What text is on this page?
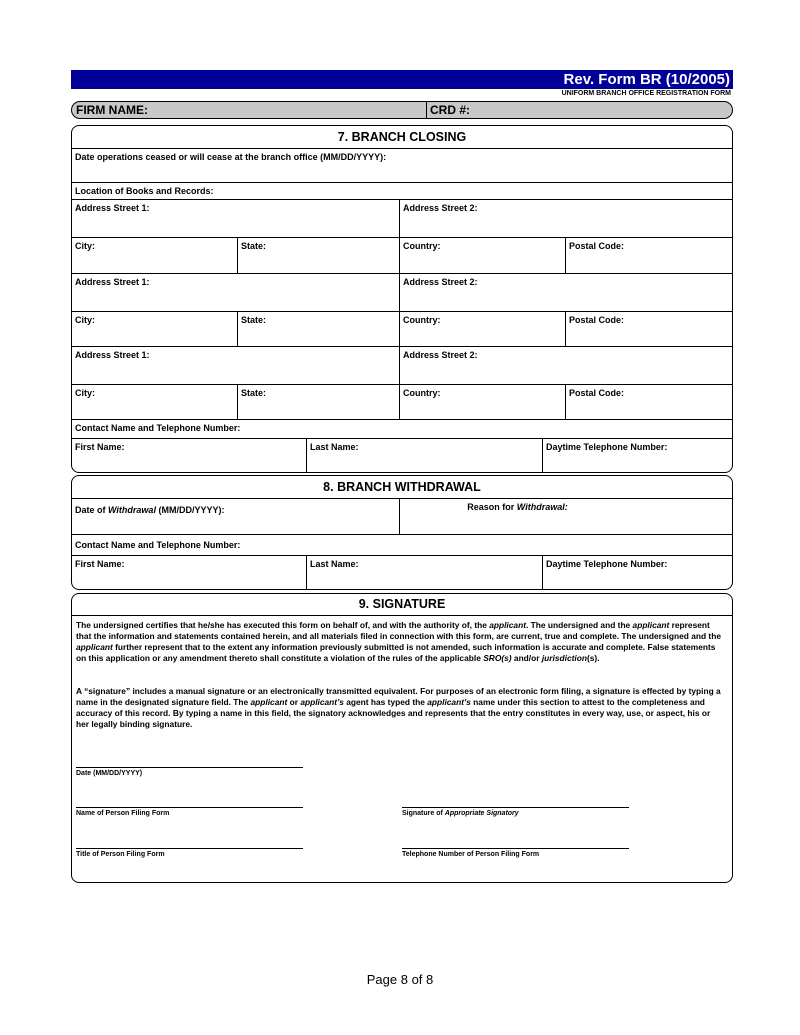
Rev. Form BR (10/2005)
UNIFORM BRANCH OFFICE REGISTRATION FORM
FIRM NAME:	CRD #:
7. BRANCH CLOSING
Date operations ceased or will cease at the branch office (MM/DD/YYYY):
Location of Books and Records:
Address Street 1:	Address Street 2:
City:	State:	Country:	Postal Code:
Address Street 1:	Address Street 2:
City:	State:	Country:	Postal Code:
Address Street 1:	Address Street 2:
City:	State:	Country:	Postal Code:
Contact Name and Telephone Number:
First Name:	Last Name:	Daytime Telephone Number:
8. BRANCH WITHDRAWAL
Date of Withdrawal (MM/DD/YYYY):	Reason for Withdrawal:
Contact Name and Telephone Number:
First Name:	Last Name:	Daytime Telephone Number:
9. SIGNATURE
The undersigned certifies that he/she has executed this form on behalf of, and with the authority of, the applicant. The undersigned and the applicant represent that the information and statements contained herein, and all materials filed in connection with this form, are current, true and complete. The undersigned and the applicant further represent that to the extent any information previously submitted is not amended, such information is accurate and complete. False statements on this application or any amendment thereto shall constitute a violation of the rules of the applicable SRO(s) and/or jurisdiction(s).
A “signature” includes a manual signature or an electronically transmitted equivalent. For purposes of an electronic form filing, a signature is effected by typing a name in the designated signature field. The applicant or applicant’s agent has typed the applicant’s name under this section to attest to the completeness and accuracy of this record. By typing a name in this field, the signatory acknowledges and represents that the entry constitutes in every way, use, or aspect, his or her legally binding signature.
Date (MM/DD/YYYY)
Name of Person Filing Form	Signature of Appropriate Signatory
Title of Person Filing Form	Telephone Number of Person Filing Form
Page 8 of 8
